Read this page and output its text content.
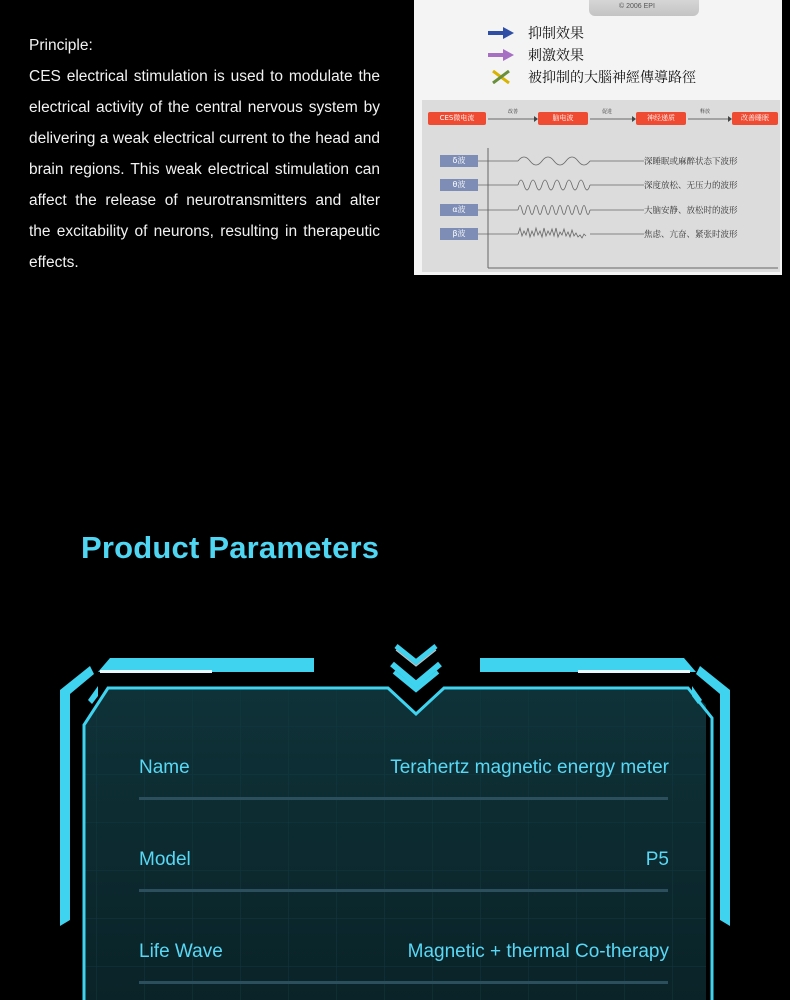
Principle:
CES electrical stimulation is used to modulate the electrical activity of the central nervous system by delivering a weak electrical current to the head and brain regions. This weak electrical stimulation can affect the release of neurotransmitters and alter the excitability of neurons, resulting in therapeutic effects.
© 2006 EPI
抑制效果
刺激效果
被抑制的大腦神經傳導路徑
CES微电流
改善
脑电波
促进
神经递质
释放
改善睡眠
δ波
θ波
α波
β波
深睡眠或麻醉状态下波形
深度放松、无压力的波形
大脑安静、放松时的波形
焦虑、亢奋、紧张时波形
Product Parameters
Name	Terahertz magnetic energy meter
Model	P5
Life Wave	Magnetic + thermal Co-therapy
